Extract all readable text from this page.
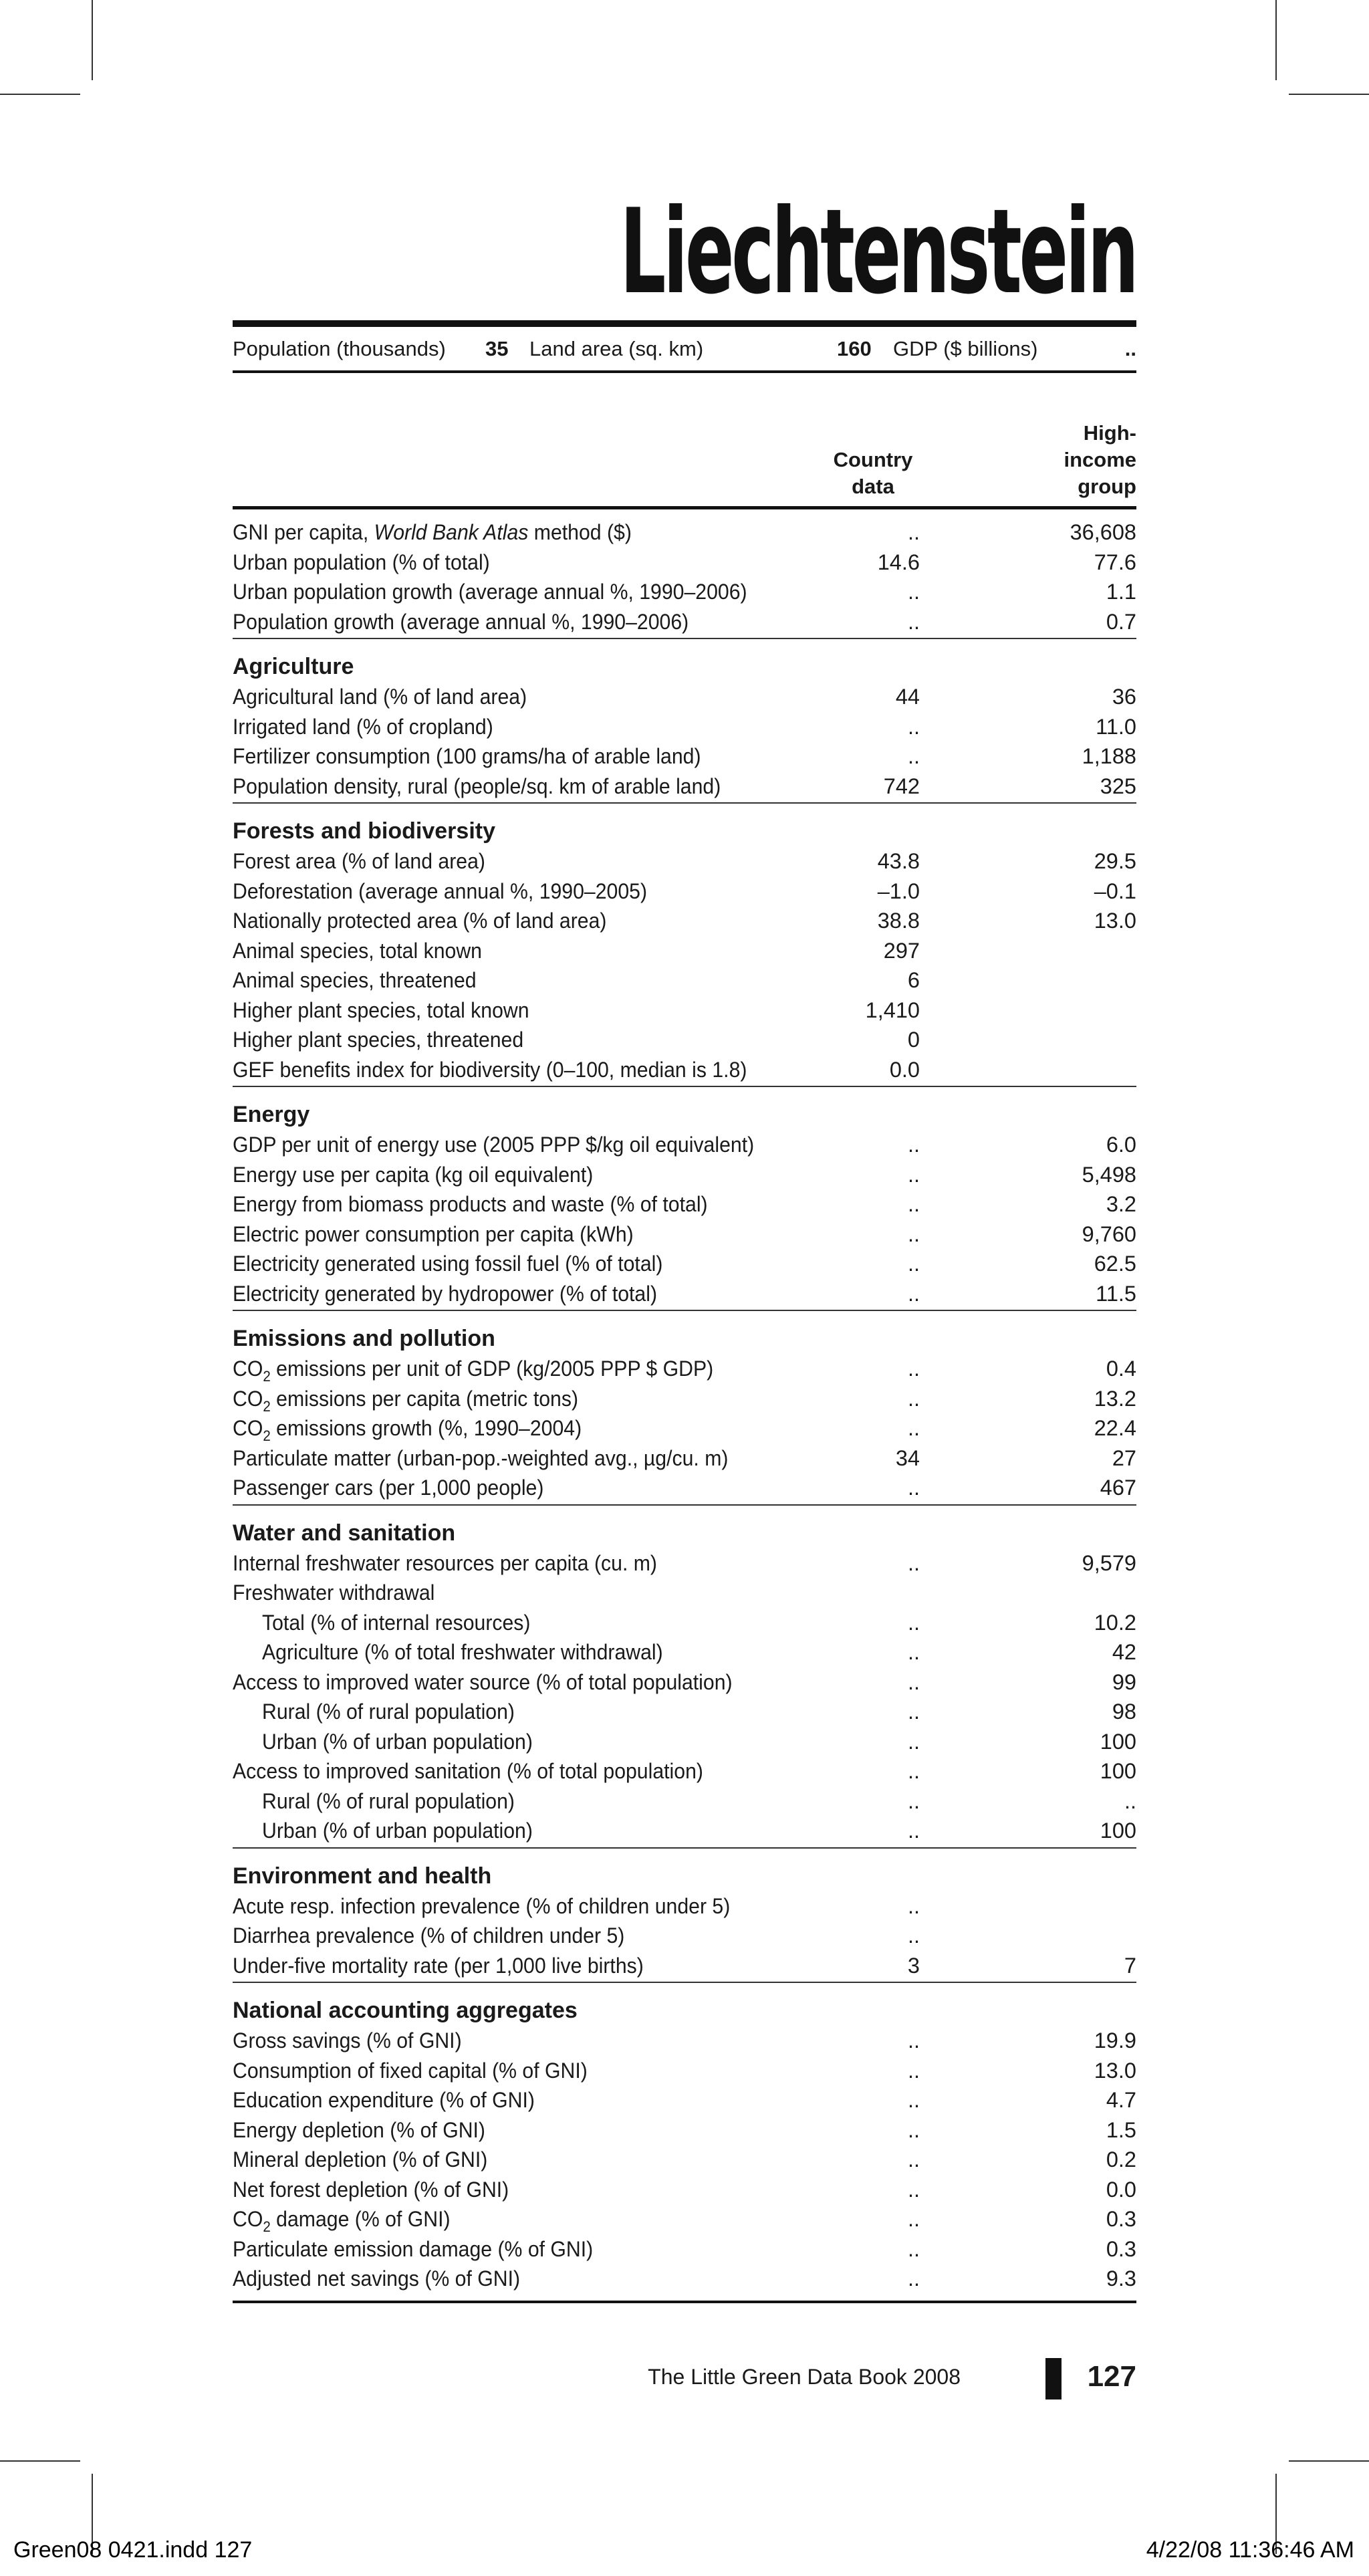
Liechtenstein
Population (thousands) 35 Land area (sq. km)	160 GDP ($ billions)	..
Country
data
High-
income
group
GNI per capita, World Bank Atlas method ($)	..	36,608
Urban population (% of total)	14.6	77.6
Urban population growth (average annual %, 1990–2006)	..	1.1
Population growth (average annual %, 1990–2006)	..	0.7
Agriculture
Agricultural land (% of land area)	44	36
Irrigated land (% of cropland)	..	11.0
Fertilizer consumption (100 grams/ha of arable land)	..	1,188
Population density, rural (people/sq. km of arable land)	742	325
Forests and biodiversity
Forest area (% of land area)	43.8	29.5
Deforestation (average annual %, 1990–2005)	–1.0	–0.1
Nationally protected area (% of land area)	38.8	13.0
Animal species, total known	297
Animal species, threatened	6
Higher plant species, total known	1,410
Higher plant species, threatened	0
GEF benefits index for biodiversity (0–100, median is 1.8)	0.0
Energy
GDP per unit of energy use (2005 PPP $/kg oil equivalent)	..	6.0
Energy use per capita (kg oil equivalent)	..	5,498
Energy from biomass products and waste (% of total)	..	3.2
Electric power consumption per capita (kWh)	..	9,760
Electricity generated using fossil fuel (% of total)	..	62.5
Electricity generated by hydropower (% of total)	..	11.5
Emissions and pollution
$CO_2$ emissions per unit of GDP (kg/2005 PPP $ GDP)	..	0.4
$CO_2$ emissions per capita (metric tons)	..	13.2
$CO_2$ emissions growth (%, 1990–2004)	..	22.4
Particulate matter (urban-pop.-weighted avg., µg/cu. m)	34	27
Passenger cars (per 1,000 people)	..	467
Water and sanitation
Internal freshwater resources per capita (cu. m)	..	9,579
Freshwater withdrawal
Total (% of internal resources)	..	10.2
Agriculture (% of total freshwater withdrawal)	..	42
Access to improved water source (% of total population)	..	99
Rural (% of rural population)	..	98
Urban (% of urban population)	..	100
Access to improved sanitation (% of total population)	..	100
Rural (% of rural population)	..	..
Urban (% of urban population)	..	100
Environment and health
Acute resp. infection prevalence (% of children under 5)	..
Diarrhea prevalence (% of children under 5)	..
Under-five mortality rate (per 1,000 live births)	3	7
National accounting aggregates
Gross savings (% of GNI)	..	19.9
Consumption of fixed capital (% of GNI)	..	13.0
Education expenditure (% of GNI)	..	4.7
Energy depletion (% of GNI)	..	1.5
Mineral depletion (% of GNI)	..	0.2
Net forest depletion (% of GNI)	..	0.0
$CO_2$ damage (% of GNI)	..	0.3
Particulate emission damage (% of GNI)	..	0.3
Adjusted net savings (% of GNI)	..	9.3
The Little Green Data Book 2008	127
Green08 0421.indd 127	4/22/08 11:36:46 AM
